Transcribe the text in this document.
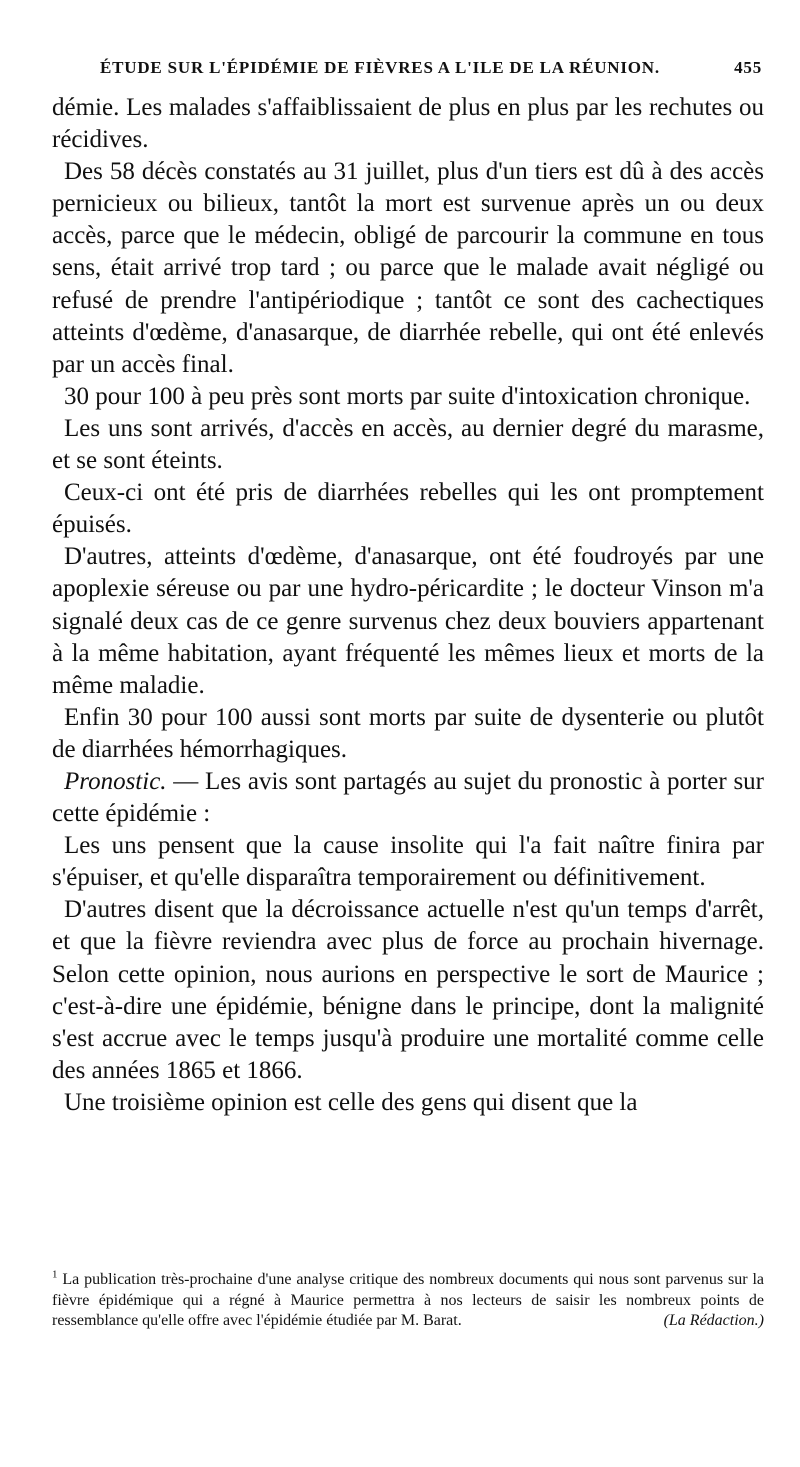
ÉTUDE SUR L'ÉPIDÉMIE DE FIÈVRES A L'ILE DE LA RÉUNION.	455

démie. Les malades s'affaiblissaient de plus en plus par les rechutes ou récidives.

Des 58 décès constatés au 31 juillet, plus d'un tiers est dû à des accès pernicieux ou bilieux, tantôt la mort est survenue après un ou deux accès, parce que le médecin, obligé de parcourir la commune en tous sens, était arrivé trop tard ; ou parce que le malade avait négligé ou refusé de prendre l'antipériodique ; tantôt ce sont des cachectiques atteints d'œdème, d'anasarque, de diarrhée rebelle, qui ont été enlevés par un accès final.

30 pour 100 à peu près sont morts par suite d'intoxication chronique.

Les uns sont arrivés, d'accès en accès, au dernier degré du marasme, et se sont éteints.

Ceux-ci ont été pris de diarrhées rebelles qui les ont promptement épuisés.

D'autres, atteints d'œdème, d'anasarque, ont été foudroyés par une apoplexie séreuse ou par une hydro-péricardite ; le docteur Vinson m'a signalé deux cas de ce genre survenus chez deux bouviers appartenant à la même habitation, ayant fréquenté les mêmes lieux et morts de la même maladie.

Enfin 30 pour 100 aussi sont morts par suite de dysenterie ou plutôt de diarrhées hémorrhagiques.

Pronostic. — Les avis sont partagés au sujet du pronostic à porter sur cette épidémie :

Les uns pensent que la cause insolite qui l'a fait naître finira par s'épuiser, et qu'elle disparaîtra temporairement ou définitivement.

D'autres disent que la décroissance actuelle n'est qu'un temps d'arrêt, et que la fièvre reviendra avec plus de force au prochain hivernage. Selon cette opinion, nous aurions en perspective le sort de Maurice ; c'est-à-dire une épidémie, bénigne dans le principe, dont la malignité s'est accrue avec le temps jusqu'à produire une mortalité comme celle des années 1865 et 1866.

Une troisième opinion est celle des gens qui disent que la

$^1$ La publication très-prochaine d'une analyse critique des nombreux documents qui nous sont parvenus sur la fièvre épidémique qui a régné à Maurice permettra à nos lecteurs de saisir les nombreux points de ressemblance qu'elle offre avec l'épidémie étudiée par M. Barat.	(La Rédaction.)
